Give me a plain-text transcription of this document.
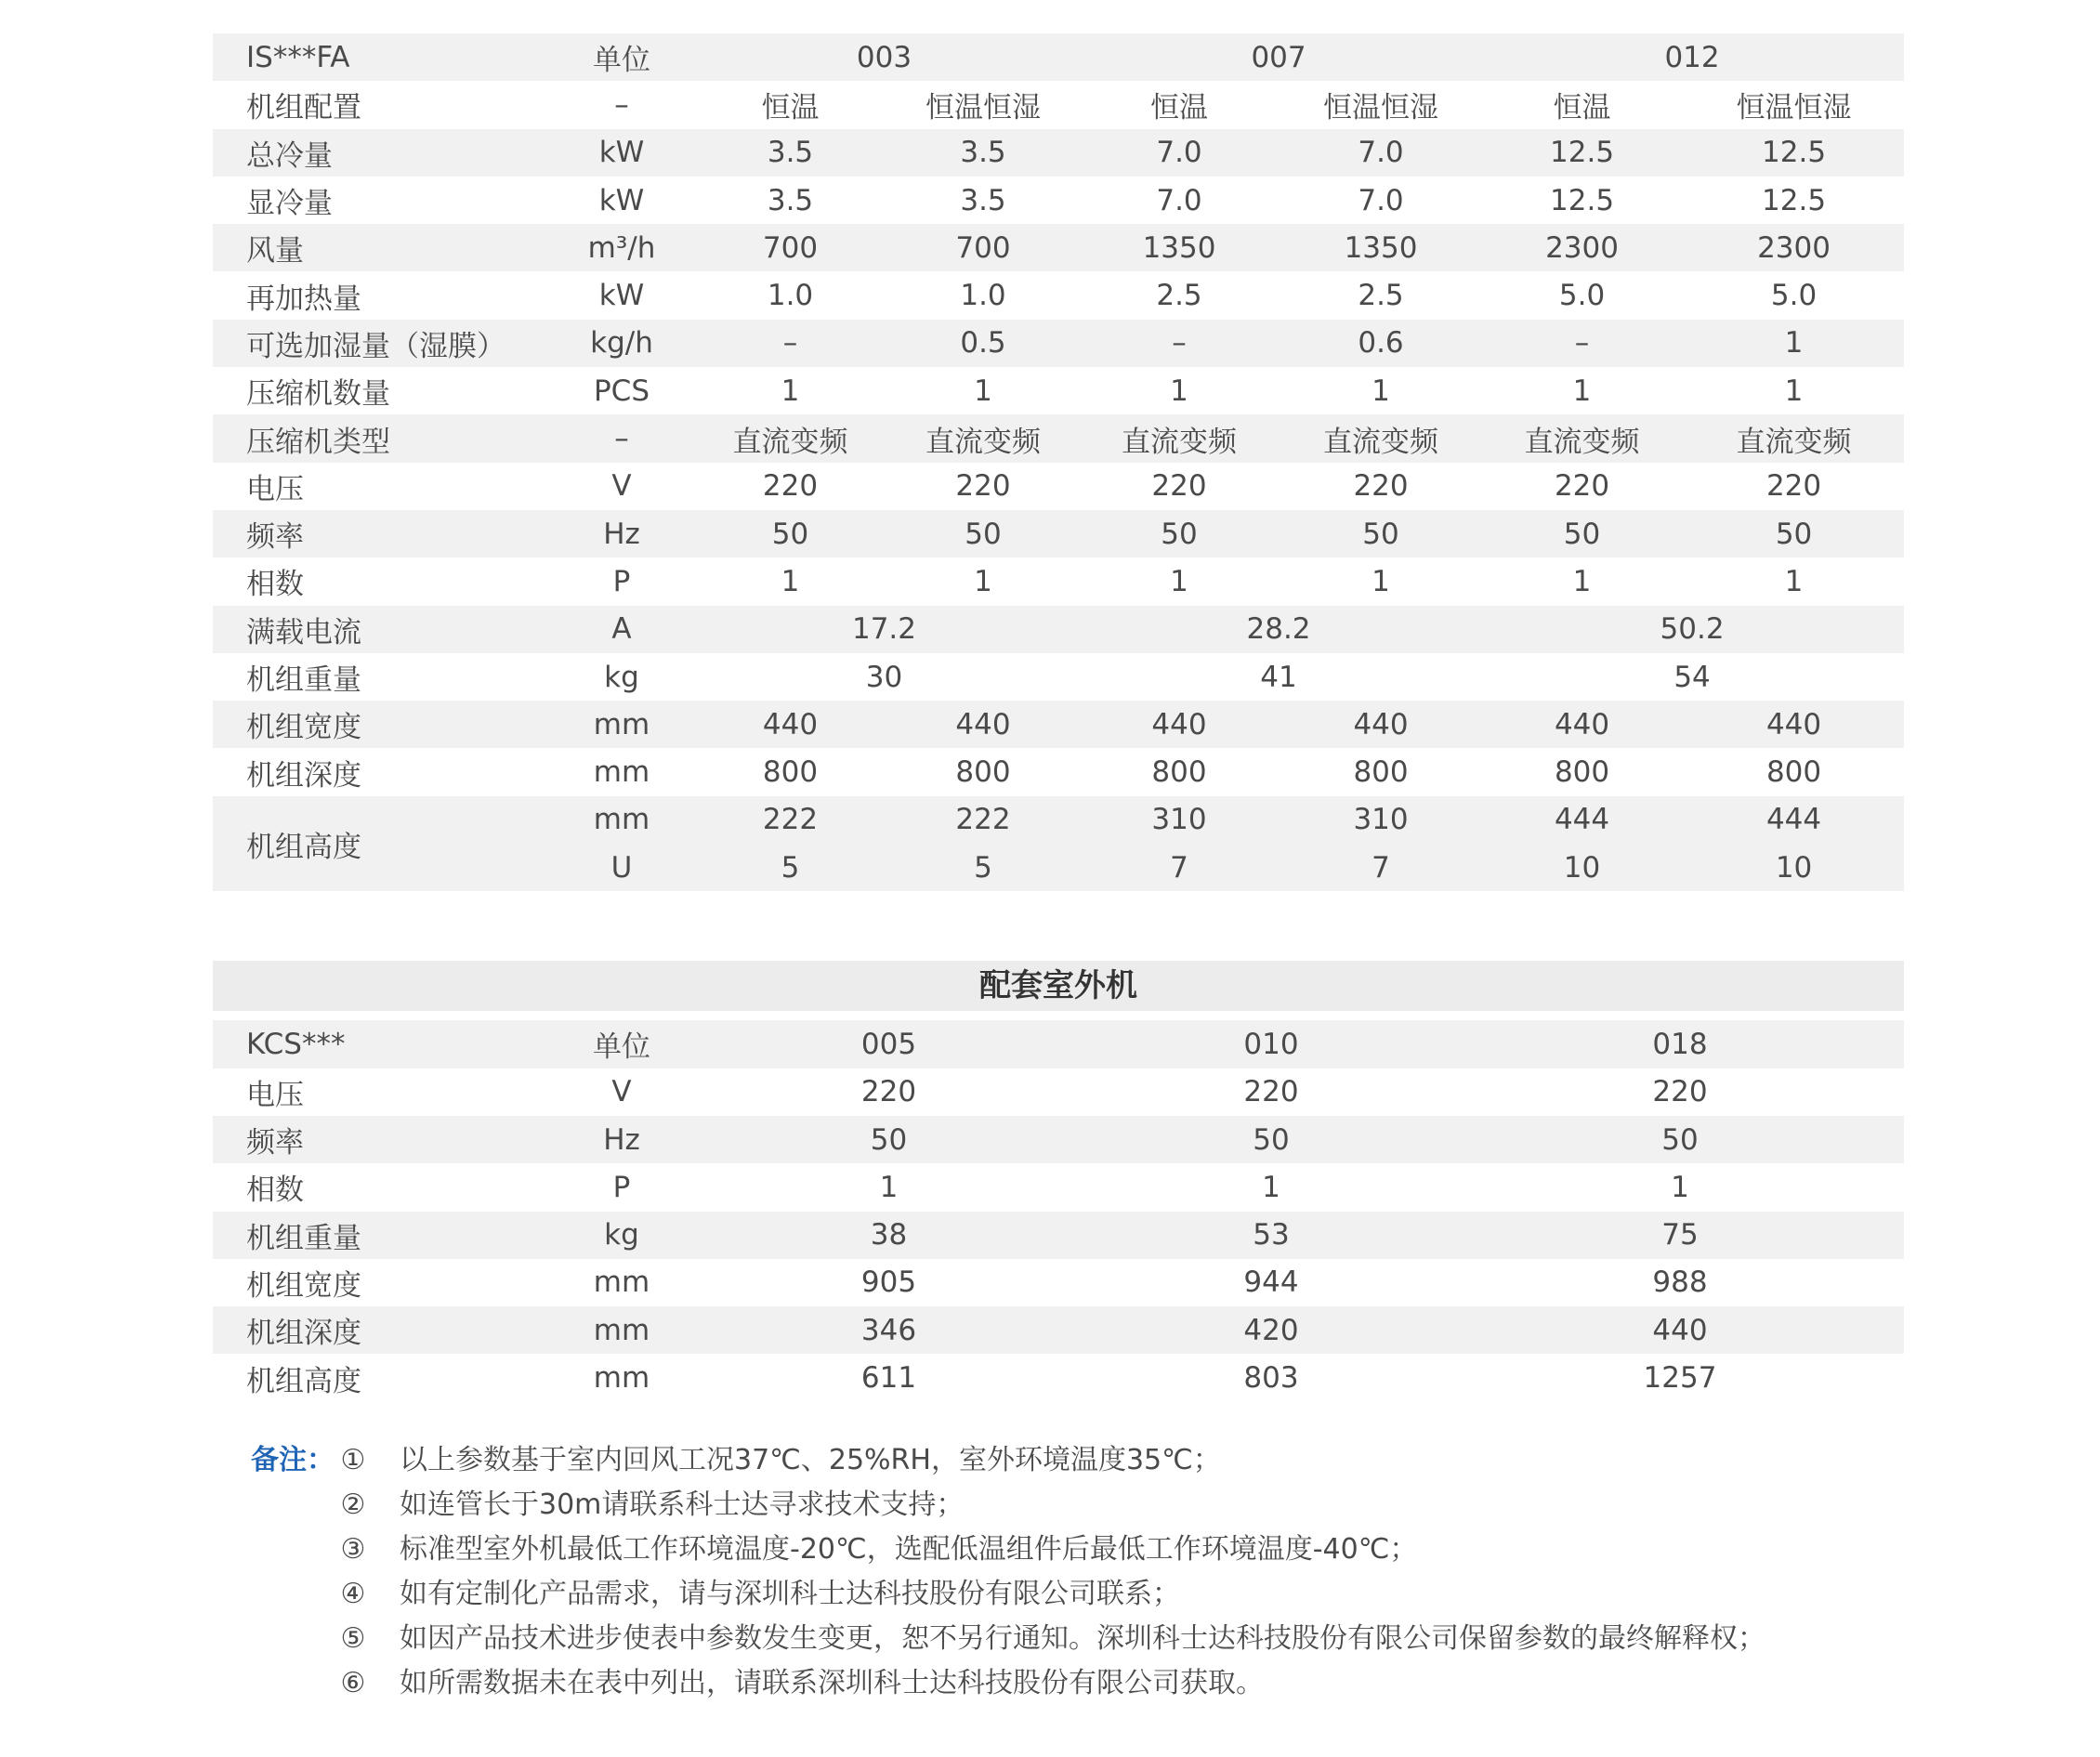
IS***FA	单位	003		007		012	
机组配置	–	恒温	恒温恒湿	恒温	恒温恒湿	恒温	恒温恒湿
总冷量	kW	3.5	3.5	7.0	7.0	12.5	12.5
显冷量	kW	3.5	3.5	7.0	7.0	12.5	12.5
风量	m³/h	700	700	1350	1350	2300	2300
再加热量	kW	1.0	1.0	2.5	2.5	5.0	5.0
可选加湿量（湿膜）	kg/h	–	0.5	–	0.6	–	1
压缩机数量	PCS	1	1	1	1	1	1
压缩机类型	–	直流变频	直流变频	直流变频	直流变频	直流变频	直流变频
电压	V	220	220	220	220	220	220
频率	Hz	50	50	50	50	50	50
相数	P	1	1	1	1	1	1
满载电流	A	17.2		28.2		50.2	
机组重量	kg	30		41		54	
机组宽度	mm	440	440	440	440	440	440
机组深度	mm	800	800	800	800	800	800
机组高度	mm	222	222	310	310	444	444
	U	5	5	7	7	10	10
配套室外机
KCS***	单位	005	010	018
电压	V	220	220	220
频率	Hz	50	50	50
相数	P	1	1	1
机组重量	kg	38	53	75
机组宽度	mm	905	944	988
机组深度	mm	346	420	440
机组高度	mm	611	803	1257
备注： ① 以上参数基于室内回风工况37℃、25%RH，室外环境温度35℃；
② 如连管长于30m请联系科士达寻求技术支持；
③ 标准型室外机最低工作环境温度-20℃，选配低温组件后最低工作环境温度-40℃；
④ 如有定制化产品需求，请与深圳科士达科技股份有限公司联系；
⑤ 如因产品技术进步使表中参数发生变更，恕不另行通知。深圳科士达科技股份有限公司保留参数的最终解释权；
⑥ 如所需数据未在表中列出，请联系深圳科士达科技股份有限公司获取。
